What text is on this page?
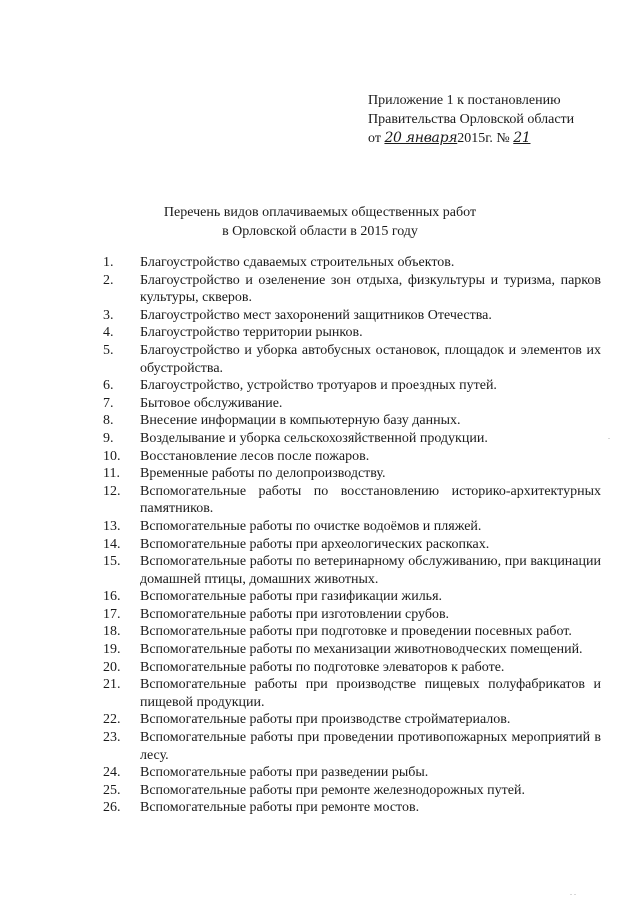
Приложение 1 к постановлению
Правительства Орловской области
от 20 января2015г. № 21
Перечень видов оплачиваемых общественных работ
в Орловской области в 2015 году
1. Благоустройство сдаваемых строительных объектов.
2. Благоустройство и озеленение зон отдыха, физкультуры и туризма, парков культуры, скверов.
3. Благоустройство мест захоронений защитников Отечества.
4. Благоустройство территории рынков.
5. Благоустройство и уборка автобусных остановок, площадок и элементов их обустройства.
6. Благоустройство, устройство тротуаров и проездных путей.
7. Бытовое обслуживание.
8. Внесение информации в компьютерную базу данных.
9. Возделывание и уборка сельскохозяйственной продукции.
10. Восстановление лесов после пожаров.
11. Временные работы по делопроизводству.
12. Вспомогательные работы по восстановлению историко-архитектурных памятников.
13. Вспомогательные работы по очистке водоёмов и пляжей.
14. Вспомогательные работы при археологических раскопках.
15. Вспомогательные работы по ветеринарному обслуживанию, при вакцинации домашней птицы, домашних животных.
16. Вспомогательные работы при газификации жилья.
17. Вспомогательные работы при изготовлении срубов.
18. Вспомогательные работы при подготовке и проведении посевных работ.
19. Вспомогательные работы по механизации животноводческих помещений.
20. Вспомогательные работы по подготовке элеваторов к работе.
21. Вспомогательные работы при производстве пищевых полуфабрикатов и пищевой продукции.
22. Вспомогательные работы при производстве стройматериалов.
23. Вспомогательные работы при проведении противопожарных мероприятий в лесу.
24. Вспомогательные работы при разведении рыбы.
25. Вспомогательные работы при ремонте железнодорожных путей.
26. Вспомогательные работы при ремонте мостов.
.
. .
